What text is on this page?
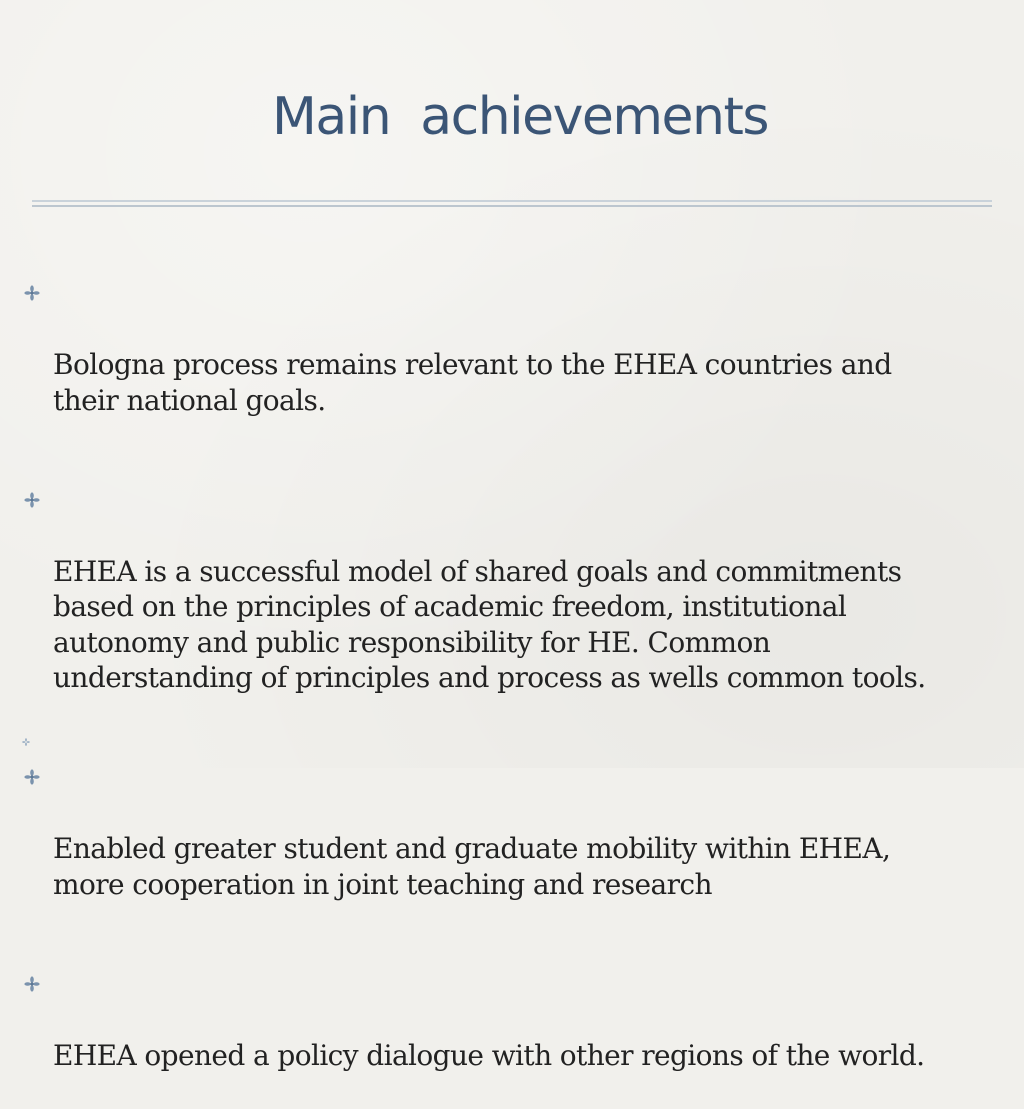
Main  achievements

Bologna process remains relevant to the EHEA countries and
their national goals.

EHEA is a successful model of shared goals and commitments
based on the principles of academic freedom, institutional
autonomy and public responsibility for HE. Common
understanding of principles and process as wells common tools.

Enabled greater student and graduate mobility within EHEA,
more cooperation in joint teaching and research

EHEA opened a policy dialogue with other regions of the world.
